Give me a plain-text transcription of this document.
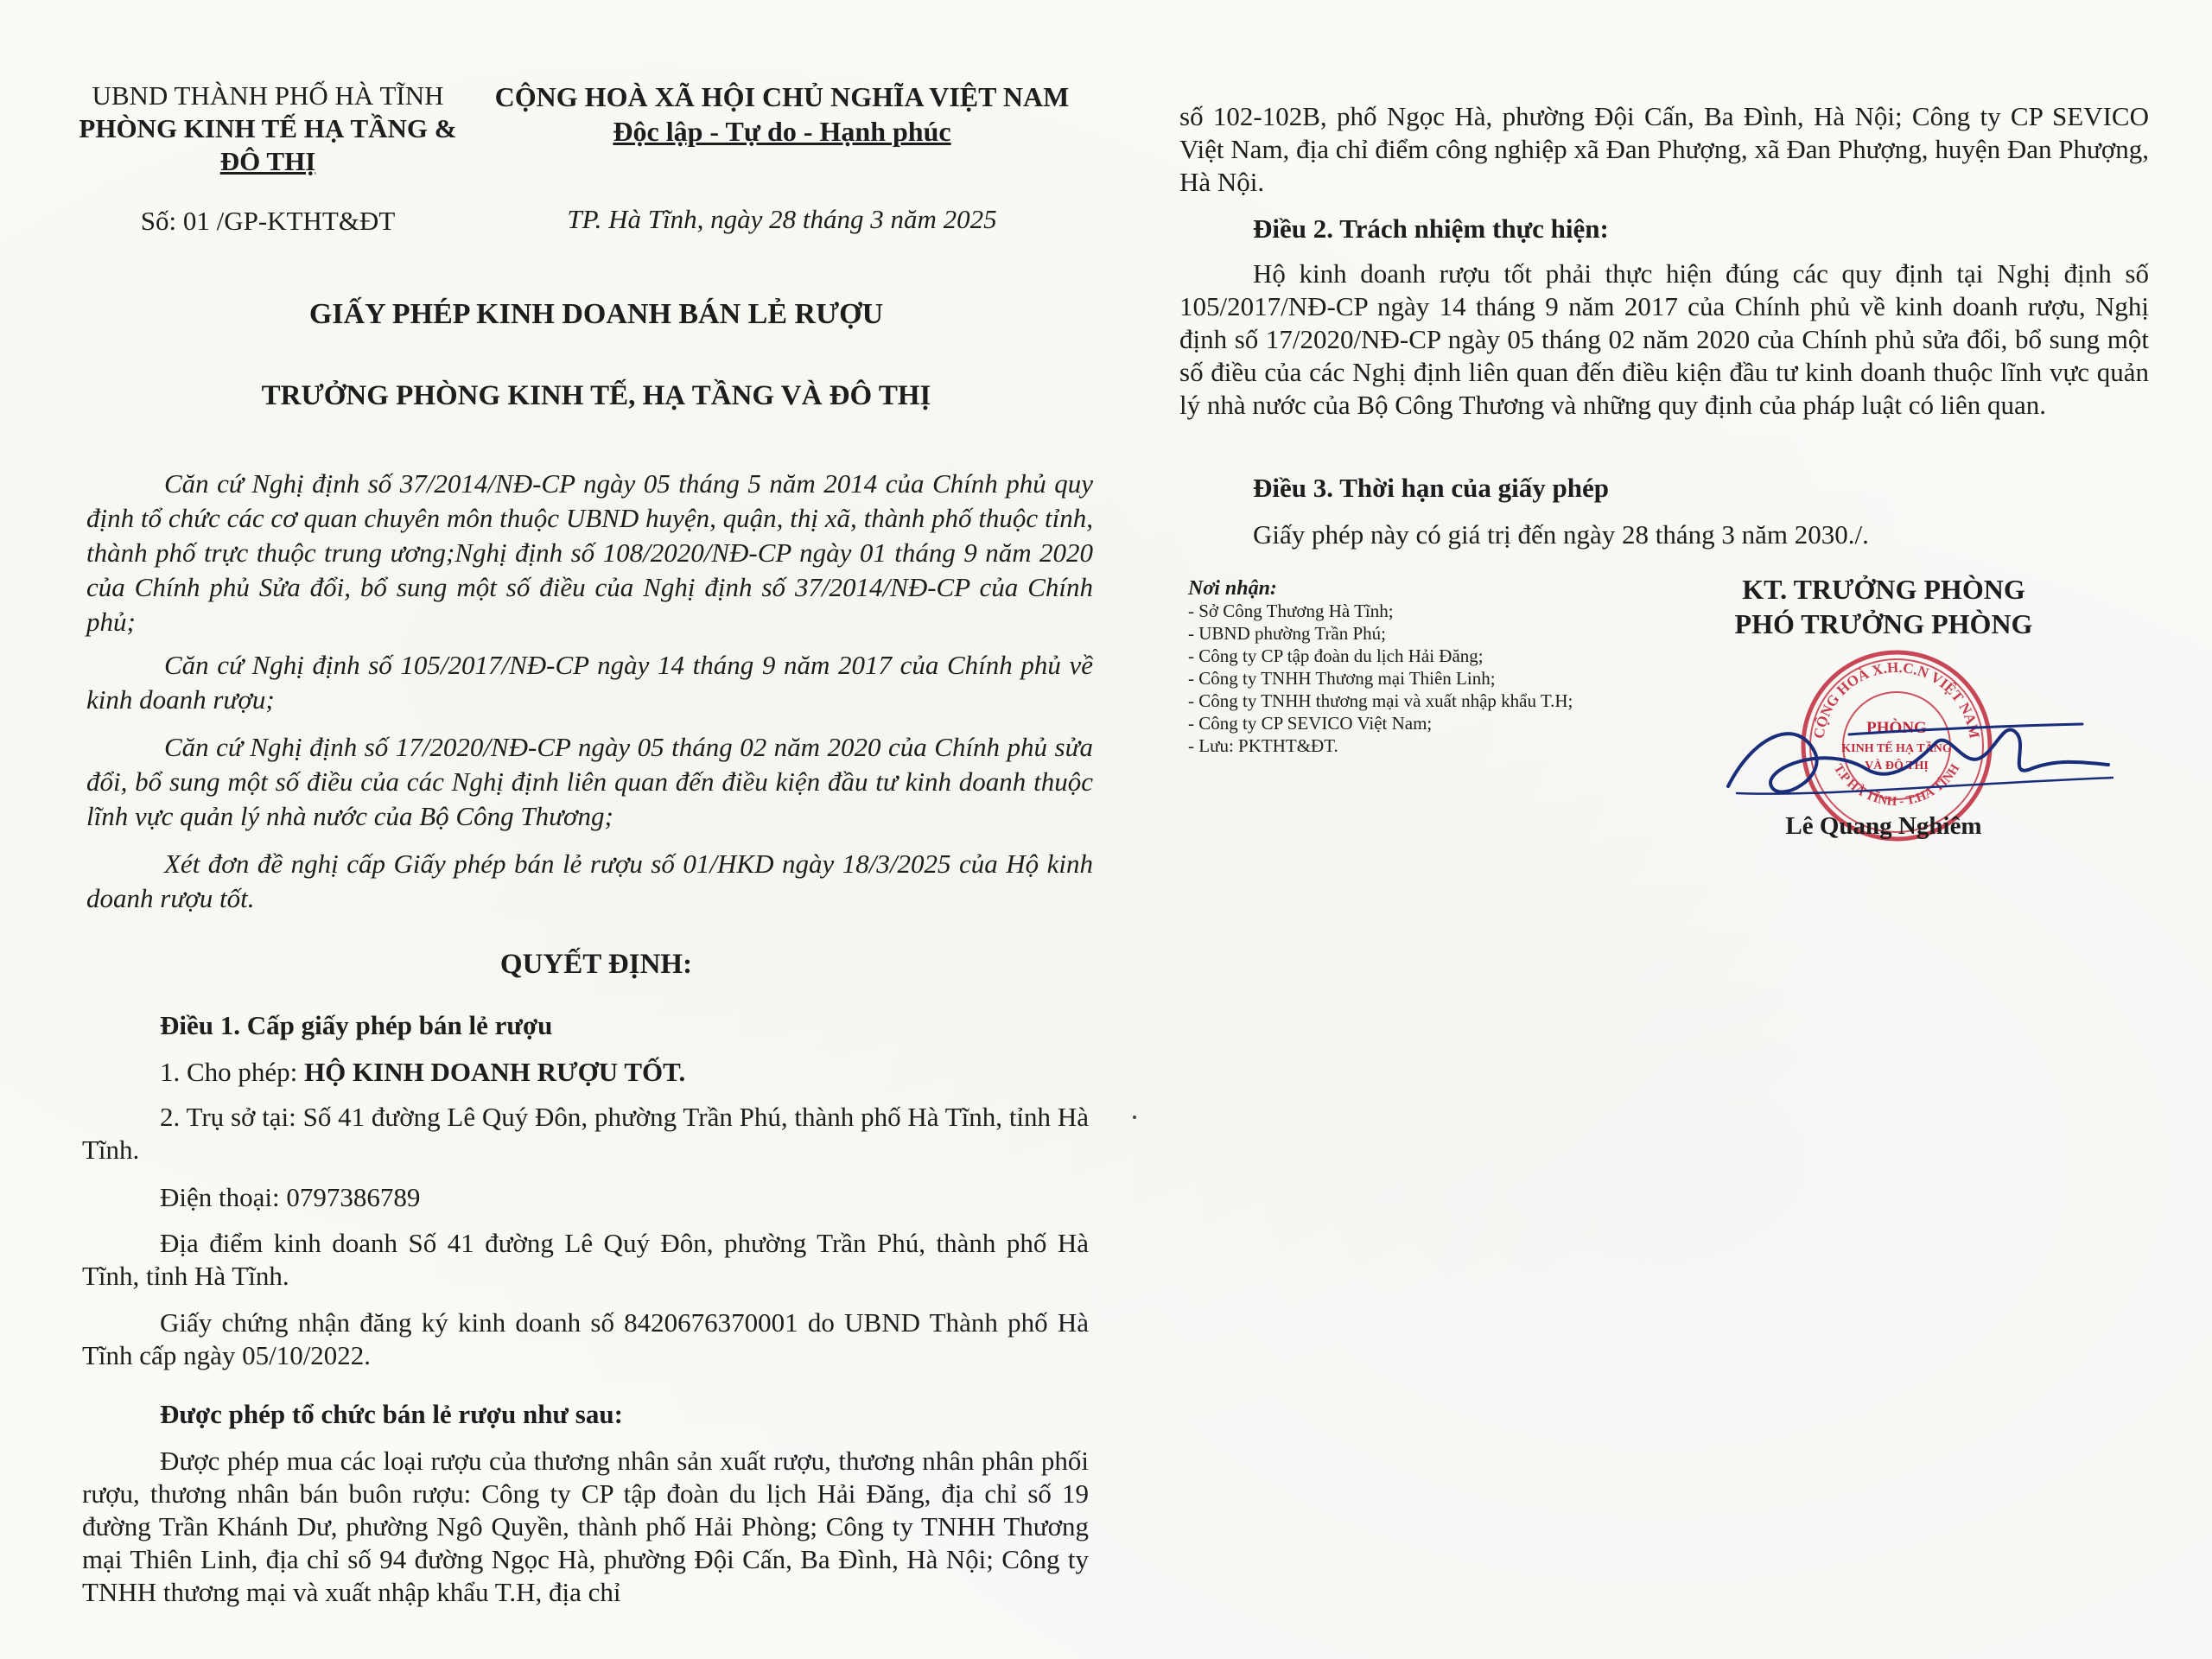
UBND THÀNH PHỐ HÀ TĨNH
PHÒNG KINH TẾ HẠ TẦNG &
ĐÔ THỊ
CỘNG HOÀ XÃ HỘI CHỦ NGHĨA VIỆT NAM
Độc lập - Tự do - Hạnh phúc
Số: 01 /GP-KTHT&ĐT	TP. Hà Tĩnh, ngày 28 tháng 3 năm 2025
GIẤY PHÉP KINH DOANH BÁN LẺ RƯỢU
TRƯỞNG PHÒNG KINH TẾ, HẠ TẦNG VÀ ĐÔ THỊ
Căn cứ Nghị định số 37/2014/NĐ-CP ngày 05 tháng 5 năm 2014 của Chính phủ quy định tổ chức các cơ quan chuyên môn thuộc UBND huyện, quận, thị xã, thành phố thuộc tỉnh, thành phố trực thuộc trung ương;Nghị định số 108/2020/NĐ-CP ngày 01 tháng 9 năm 2020 của Chính phủ Sửa đổi, bổ sung một số điều của Nghị định số 37/2014/NĐ-CP của Chính phủ;
Căn cứ Nghị định số 105/2017/NĐ-CP ngày 14 tháng 9 năm 2017 của Chính phủ về kinh doanh rượu;
Căn cứ Nghị định số 17/2020/NĐ-CP ngày 05 tháng 02 năm 2020 của Chính phủ sửa đổi, bổ sung một số điều của các Nghị định liên quan đến điều kiện đầu tư kinh doanh thuộc lĩnh vực quản lý nhà nước của Bộ Công Thương;
Xét đơn đề nghị cấp Giấy phép bán lẻ rượu số 01/HKD ngày 18/3/2025 của Hộ kinh doanh rượu tốt.
QUYẾT ĐỊNH:
Điều 1. Cấp giấy phép bán lẻ rượu
1. Cho phép: HỘ KINH DOANH RƯỢU TỐT.
2. Trụ sở tại: Số 41 đường Lê Quý Đôn, phường Trần Phú, thành phố Hà Tĩnh, tỉnh Hà Tĩnh.
Điện thoại: 0797386789
Địa điểm kinh doanh Số 41 đường Lê Quý Đôn, phường Trần Phú, thành phố Hà Tĩnh, tỉnh Hà Tĩnh.
Giấy chứng nhận đăng ký kinh doanh số 8420676370001 do UBND Thành phố Hà Tĩnh cấp ngày 05/10/2022.
Được phép tổ chức bán lẻ rượu như sau:
Được phép mua các loại rượu của thương nhân sản xuất rượu, thương nhân phân phối rượu, thương nhân bán buôn rượu: Công ty CP tập đoàn du lịch Hải Đăng, địa chỉ số 19 đường Trần Khánh Dư, phường Ngô Quyền, thành phố Hải Phòng; Công ty TNHH Thương mại Thiên Linh, địa chỉ số 94 đường Ngọc Hà, phường Đội Cấn, Ba Đình, Hà Nội; Công ty TNHH thương mại và xuất nhập khẩu T.H, địa chỉ
số 102-102B, phố Ngọc Hà, phường Đội Cấn, Ba Đình, Hà Nội; Công ty CP SEVICO Việt Nam, địa chỉ điểm công nghiệp xã Đan Phượng, xã Đan Phượng, huyện Đan Phượng, Hà Nội.
Điều 2. Trách nhiệm thực hiện:
Hộ kinh doanh rượu tốt phải thực hiện đúng các quy định tại Nghị định số 105/2017/NĐ-CP ngày 14 tháng 9 năm 2017 của Chính phủ về kinh doanh rượu, Nghị định số 17/2020/NĐ-CP ngày 05 tháng 02 năm 2020 của Chính phủ sửa đổi, bổ sung một số điều của các Nghị định liên quan đến điều kiện đầu tư kinh doanh thuộc lĩnh vực quản lý nhà nước của Bộ Công Thương và những quy định của pháp luật có liên quan.
Điều 3. Thời hạn của giấy phép
Giấy phép này có giá trị đến ngày 28 tháng 3 năm 2030./.
Nơi nhận:
- Sở Công Thương Hà Tĩnh;
- UBND phường Trần Phú;
- Công ty CP tập đoàn du lịch Hải Đăng;
- Công ty TNHH Thương mại Thiên Linh;
- Công ty TNHH thương mại và xuất nhập khẩu T.H;
- Công ty CP SEVICO Việt Nam;
- Lưu: PKTHT&ĐT.
KT. TRƯỞNG PHÒNG
PHÓ TRƯỞNG PHÒNG
CỘNG HOÀ X.H.C.N VIỆT NAM
T.P HÀ TĨNH - T.HÀ TĨNH
PHÒNG
KINH TẾ HẠ TẦNG
VÀ ĐÔ THỊ
Lê Quang Nghiêm
